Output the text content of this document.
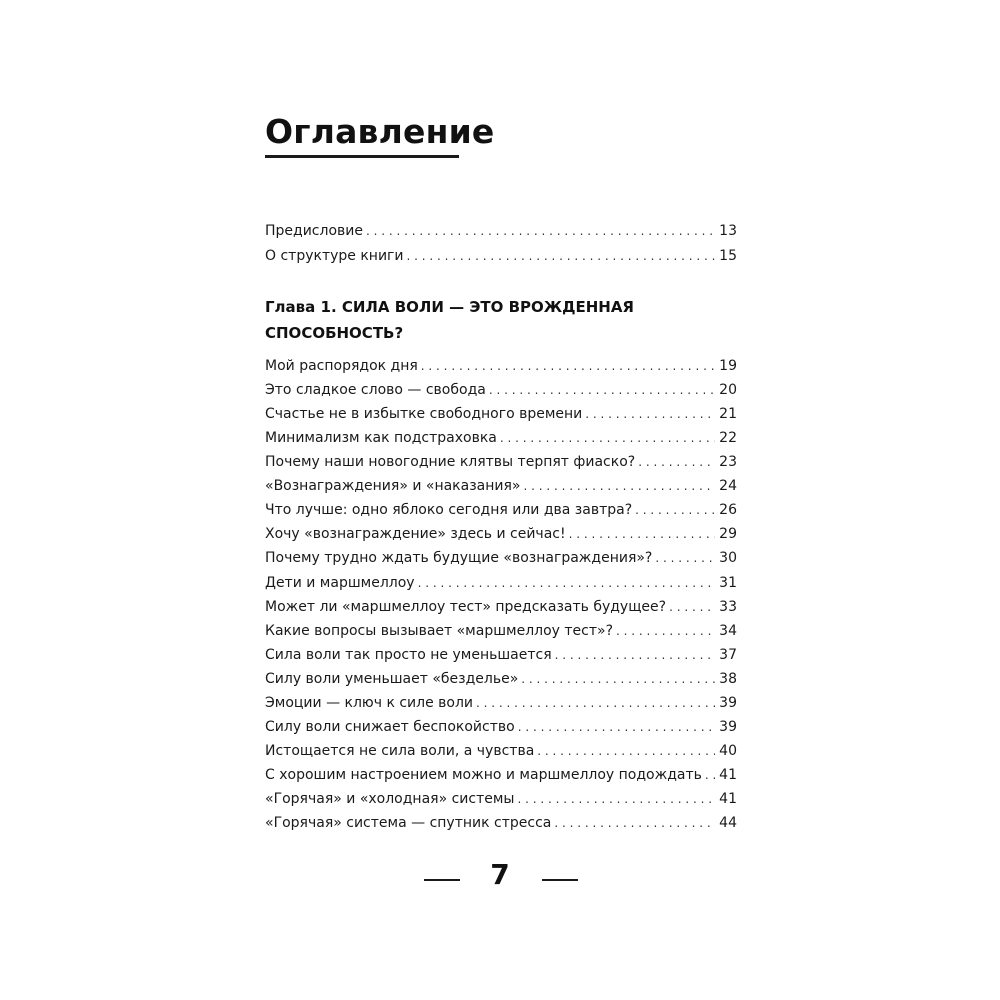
Оглавление
Предисловие . . .	13
О структуре книги . . .	15
Глава 1. СИЛА ВОЛИ — ЭТО ВРОЖДЕННАЯ СПОСОБНОСТЬ?
Мой распорядок дня . . .	19
Это сладкое слово — свобода . . .	20
Счастье не в избытке свободного времени . . .	21
Минимализм как подстраховка . . .	22
Почему наши новогодние клятвы терпят фиаско? . . .	23
«Вознаграждения» и «наказания» . . .	24
Что лучше: одно яблоко сегодня или два завтра? . . .	26
Хочу «вознаграждение» здесь и сейчас! . . .	29
Почему трудно ждать будущие «вознаграждения»? . . .	30
Дети и маршмеллоу . . .	31
Может ли «маршмеллоу тест» предсказать будущее? . . .	33
Какие вопросы вызывает «маршмеллоу тест»? . . .	34
Сила воли так просто не уменьшается . . .	37
Силу воли уменьшает «безделье» . . .	38
Эмоции — ключ к силе воли . . .	39
Силу воли снижает беспокойство . . .	39
Истощается не сила воли, а чувства . . .	40
С хорошим настроением можно и маршмеллоу подождать . . . 41
«Горячая» и «холодная» системы . . .	41
«Горячая» система — спутник стресса . . .	44
7
